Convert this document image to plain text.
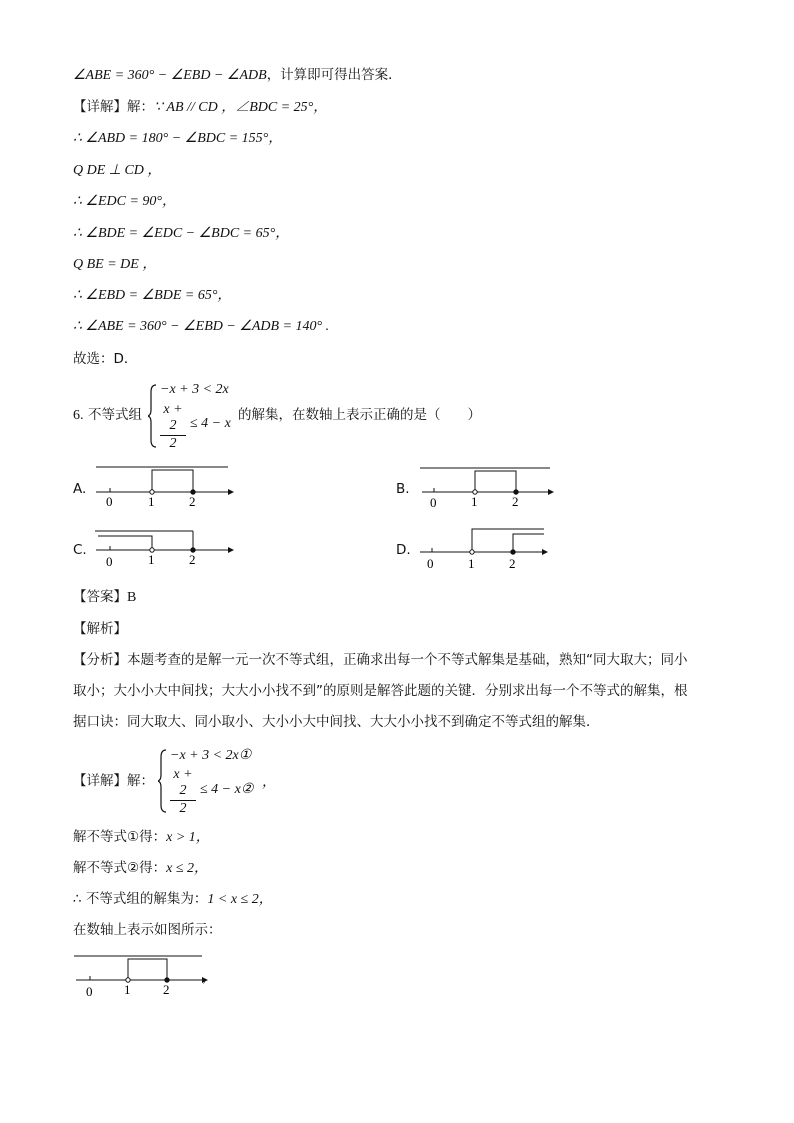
∠ABE = 360° − ∠EBD − ∠ADB，计算即可得出答案．
【详解】解：∵ AB // CD ，∠BDC = 25°，
∴ ∠ABD = 180° − ∠BDC = 155°，
Q DE ⊥ CD ，
∴ ∠EDC = 90°，
∴ ∠BDE = ∠EDC − ∠BDC = 65°，
Q BE = DE ，
∴ ∠EBD = ∠BDE = 65°，
∴ ∠ABE = 360° − ∠EBD − ∠ADB = 140° .
故选：D．
6. 不等式组
−x + 3 < 2x
$\frac{x + 2}{2} \le 4 - x$
的解集，在数轴上表示正确的是（　　）
A.
0	1	2
B.
0	1	2
C.
0	1	2
D.
0	1	2
【答案】B
【解析】
【分析】本题考查的是解一元一次不等式组，正确求出每一个不等式解集是基础，熟知“同大取大；同小
取小；大小小大中间找；大大小小找不到”的原则是解答此题的关键．分别求出每一个不等式的解集，根
据口诀：同大取大、同小取小、大小小大中间找、大大小小找不到确定不等式组的解集．
【详解】解：
−x + 3 < 2x①
$\frac{x + 2}{2} \le 4$ − x② ，
解不等式①得：x > 1，
解不等式②得：x ≤ 2，
∴ 不等式组的解集为：1 < x ≤ 2，
在数轴上表示如图所示：
0 1	2
，
